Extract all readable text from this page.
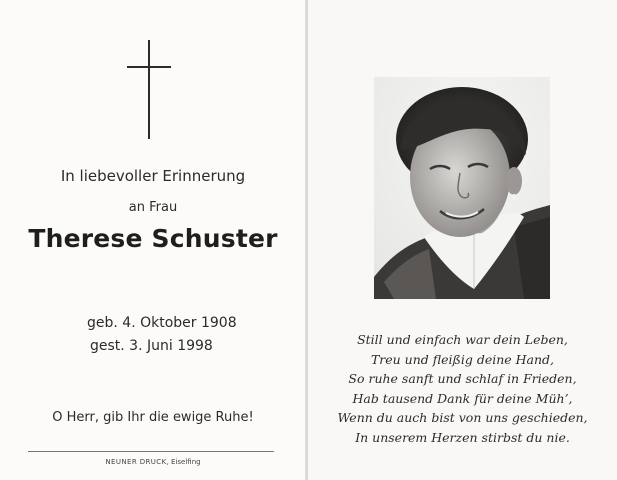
In liebevoller Erinnerung
an Frau
Therese Schuster
geb. 4. Oktober 1908
gest. 3. Juni 1998
O Herr, gib Ihr die ewige Ruhe!
NEUNER DRUCK, Eiselfing
Still und einfach war dein Leben,
Treu und fleißig deine Hand,
So ruhe sanft und schlaf in Frieden,
Hab tausend Dank für deine Müh’,
Wenn du auch bist von uns geschieden,
In unserem Herzen stirbst du nie.
